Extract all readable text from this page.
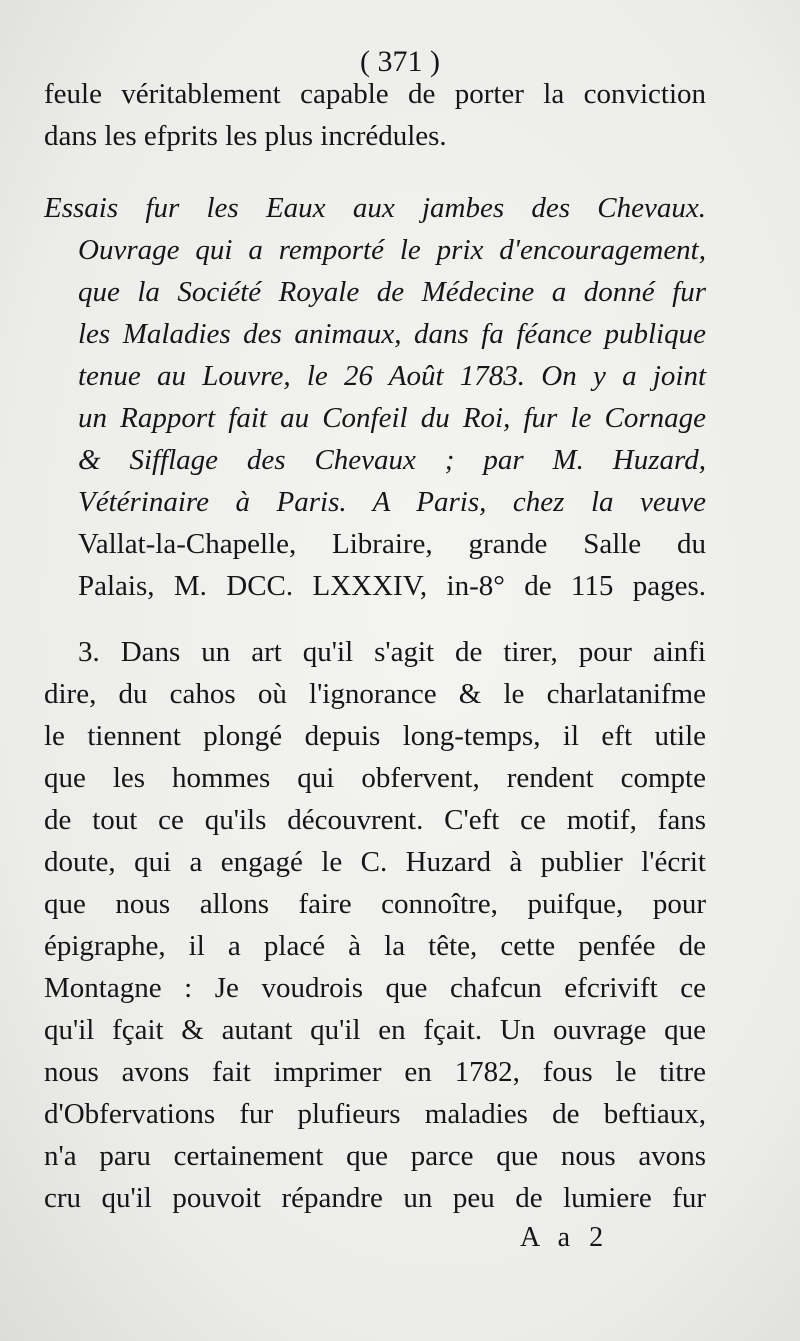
( 371 )
feule véritablement capable de porter la conviction
dans les efprits les plus incrédules.
Essais fur les Eaux aux jambes des Chevaux.
Ouvrage qui a remporté le prix d'encouragement,
que la Société Royale de Médecine a donné fur
les Maladies des animaux, dans fa féance publique
tenue au Louvre, le 26 Août 1783. On y a joint
un Rapport fait au Confeil du Roi, fur le Cornage
& Sifflage des Chevaux ; par M. Huzard,
Vétérinaire à Paris. A Paris, chez la veuve
Vallat-la-Chapelle, Libraire, grande Salle du
Palais, M. DCC. LXXXIV, in-8° de 115 pages.
3. Dans un art qu'il s'agit de tirer, pour ainfi
dire, du cahos où l'ignorance & le charlatanifme
le tiennent plongé depuis long-temps, il eft utile
que les hommes qui obfervent, rendent compte
de tout ce qu'ils découvrent. C'eft ce motif, fans
doute, qui a engagé le C. Huzard à publier l'écrit
que nous allons faire connoître, puifque, pour
épigraphe, il a placé à la tête, cette penfée de
Montagne : Je voudrois que chafcun efcrivift ce
qu'il fçait & autant qu'il en fçait. Un ouvrage que
nous avons fait imprimer en 1782, fous le titre
d'Obfervations fur plufieurs maladies de beftiaux,
n'a paru certainement que parce que nous avons
cru qu'il pouvoit répandre un peu de lumiere fur
A a 2
